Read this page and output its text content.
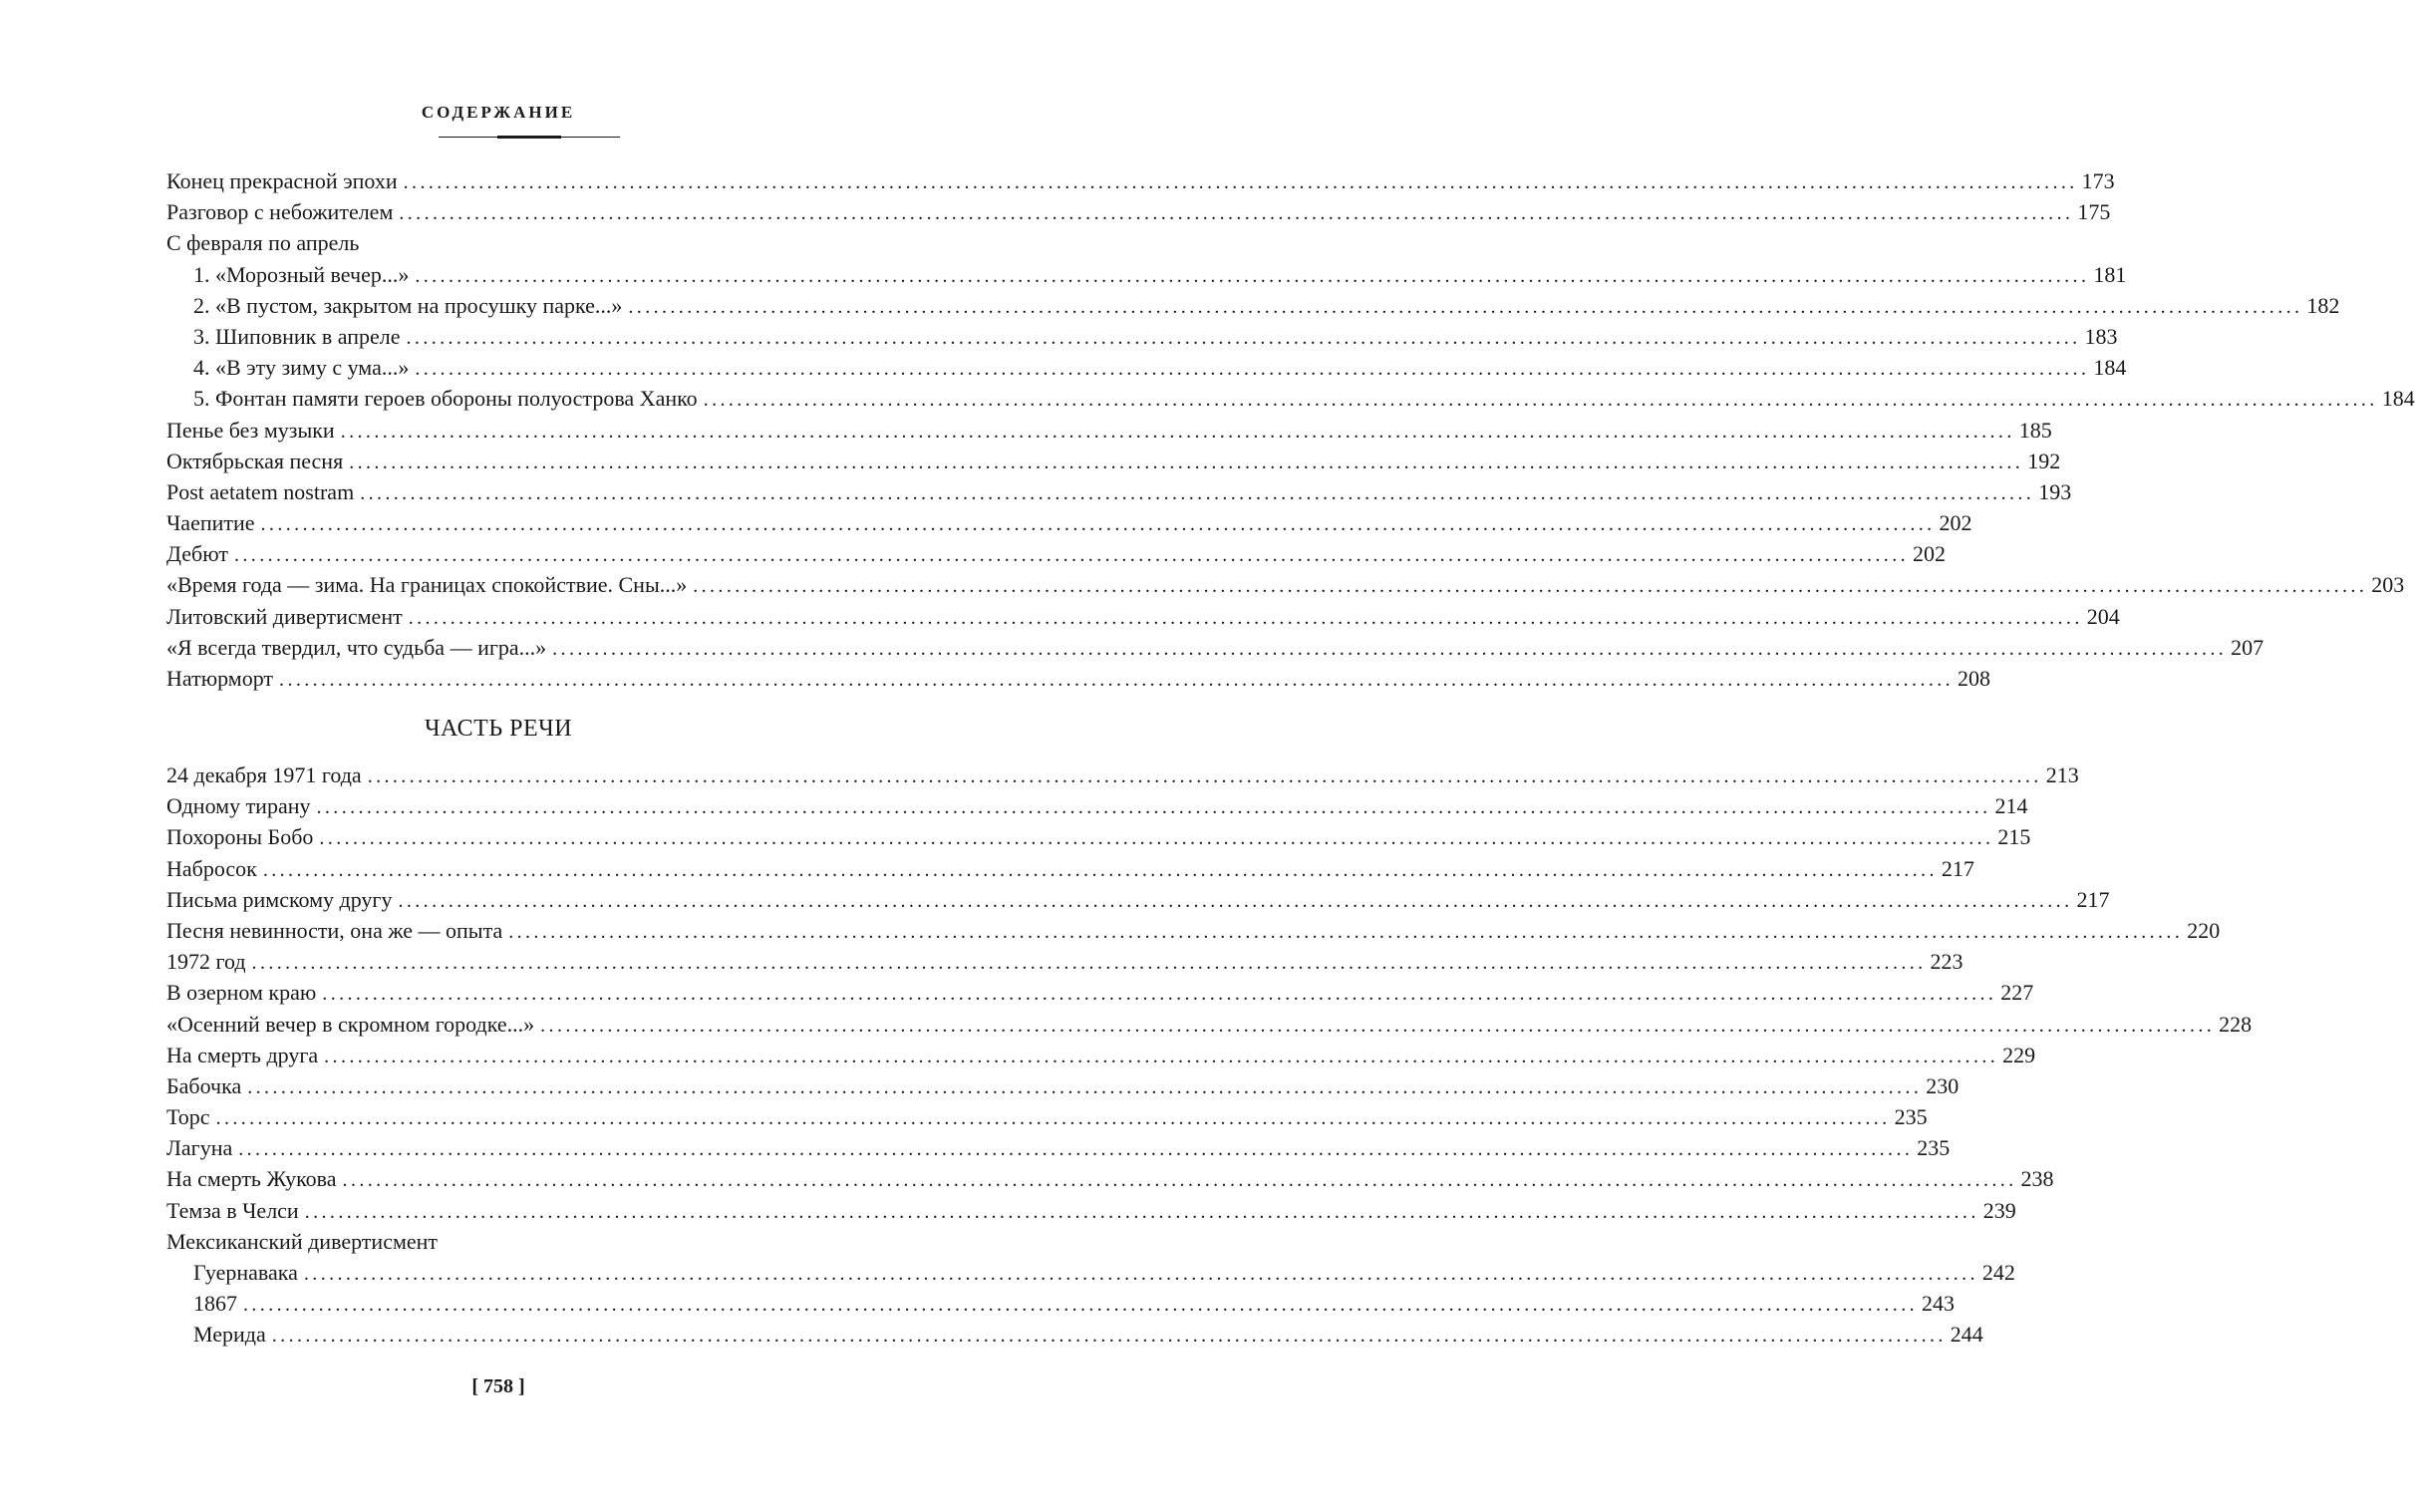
СОДЕРЖАНИЕ
Конец прекрасной эпохи ........................................................................................................................................................................................................ 173
Разговор с небожителем ........................................................................................................................................................................................................ 175
С февраля по апрель
1. «Морозный вечер...» ........................................................................................................................................................................................................ 181
2. «В пустом, закрытом на просушку парке...» ........................................................................................................................................................................................................ 182
3. Шиповник в апреле ........................................................................................................................................................................................................ 183
4. «В эту зиму с ума...» ........................................................................................................................................................................................................ 184
5. Фонтан памяти героев обороны полуострова Ханко ........................................................................................................................................................................................................ 184
Пенье без музыки ........................................................................................................................................................................................................ 185
Октябрьская песня ........................................................................................................................................................................................................ 192
Post aetatem nostram ........................................................................................................................................................................................................ 193
Чаепитие ........................................................................................................................................................................................................ 202
Дебют ........................................................................................................................................................................................................ 202
«Время года — зима. На границах спокойствие. Сны...» ........................................................................................................................................................................................................ 203
Литовский дивертисмент ........................................................................................................................................................................................................ 204
«Я всегда твердил, что судьба — игра...» ........................................................................................................................................................................................................ 207
Натюрморт ........................................................................................................................................................................................................ 208
ЧАСТЬ РЕЧИ
24 декабря 1971 года ........................................................................................................................................................................................................ 213
Одному тирану ........................................................................................................................................................................................................ 214
Похороны Бобо ........................................................................................................................................................................................................ 215
Набросок ........................................................................................................................................................................................................ 217
Письма римскому другу ........................................................................................................................................................................................................ 217
Песня невинности, она же — опыта ........................................................................................................................................................................................................ 220
1972 год ........................................................................................................................................................................................................ 223
В озерном краю ........................................................................................................................................................................................................ 227
«Осенний вечер в скромном городке...» ........................................................................................................................................................................................................ 228
На смерть друга ........................................................................................................................................................................................................ 229
Бабочка ........................................................................................................................................................................................................ 230
Торс ........................................................................................................................................................................................................ 235
Лагуна ........................................................................................................................................................................................................ 235
На смерть Жукова ........................................................................................................................................................................................................ 238
Темза в Челси ........................................................................................................................................................................................................ 239
Мексиканский дивертисмент
Гуернавака ........................................................................................................................................................................................................ 242
1867 ........................................................................................................................................................................................................ 243
Мерида ........................................................................................................................................................................................................ 244
[ 758 ]
